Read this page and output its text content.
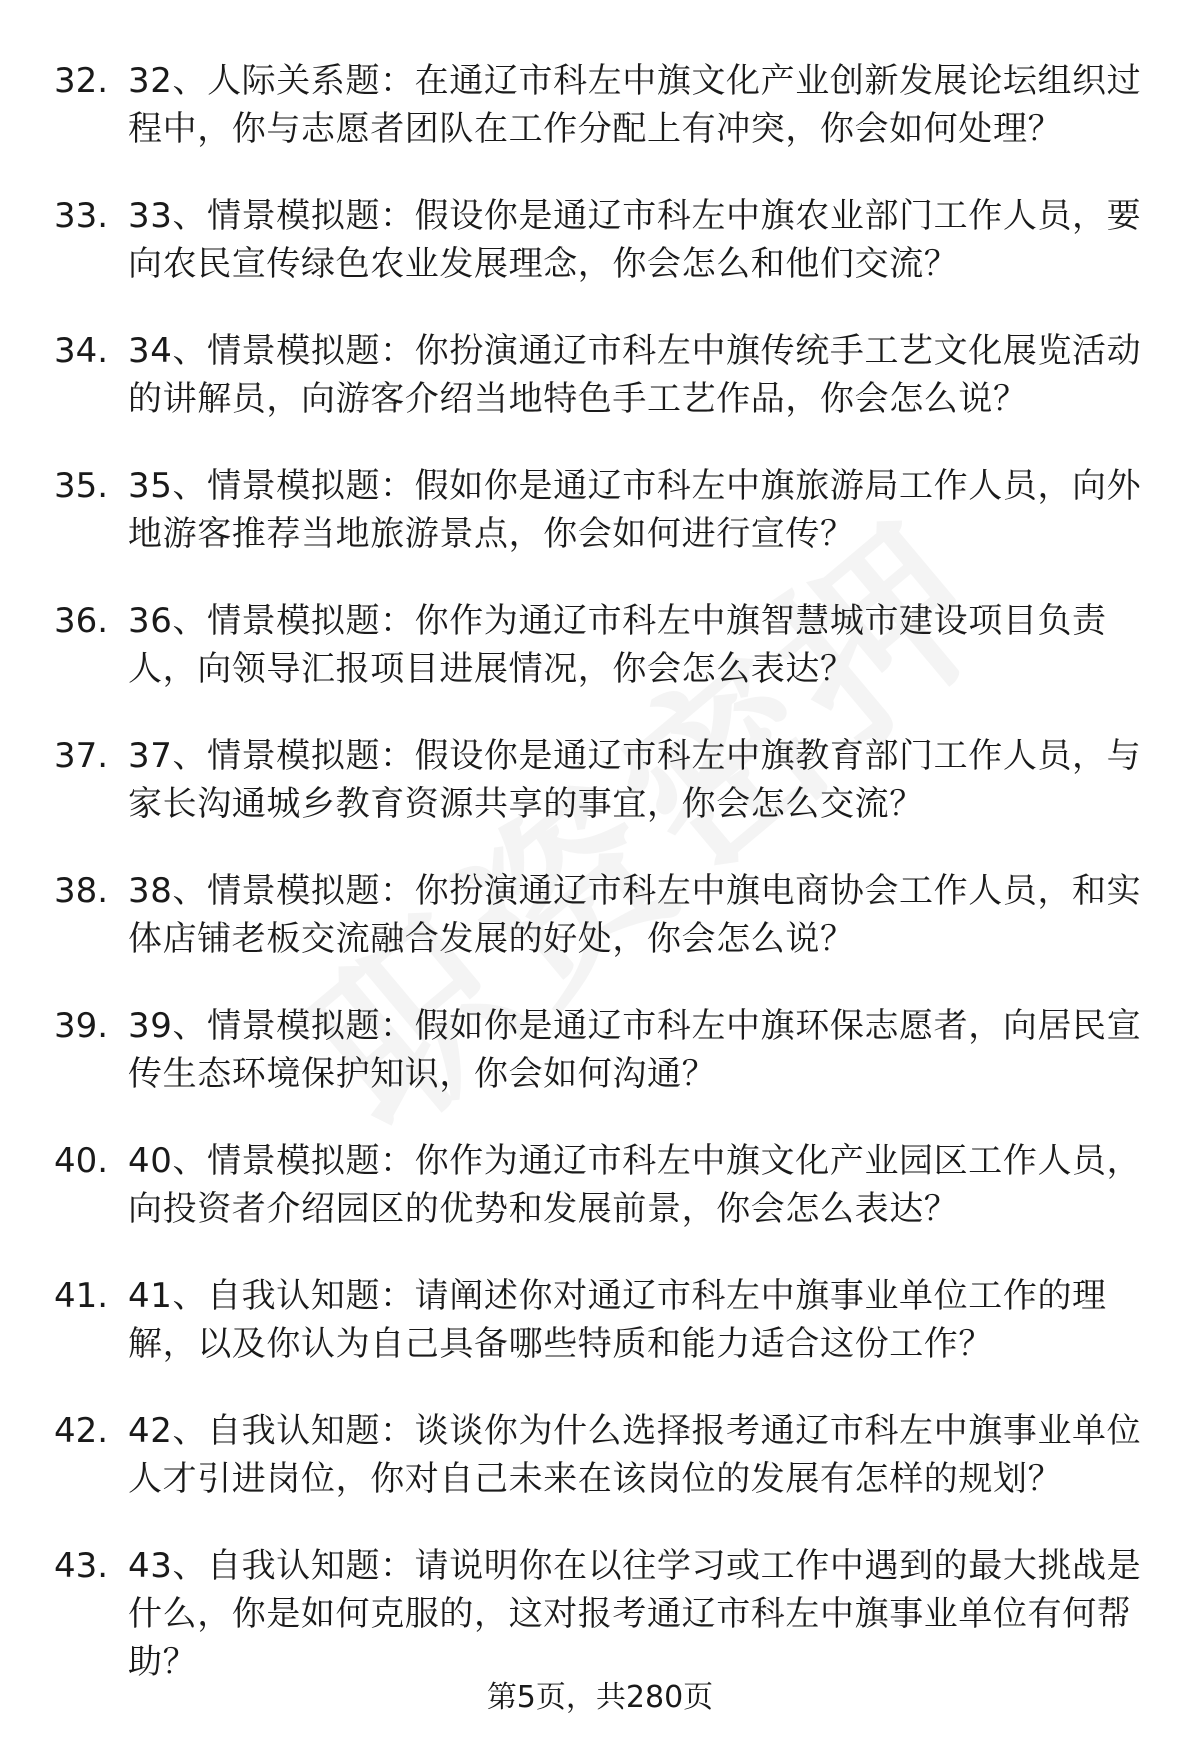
32. 32、人际关系题：在通辽市科左中旗文化产业创新发展论坛组织过程中，你与志愿者团队在工作分配上有冲突，你会如何处理？
33. 33、情景模拟题：假设你是通辽市科左中旗农业部门工作人员，要向农民宣传绿色农业发展理念，你会怎么和他们交流？
34. 34、情景模拟题：你扮演通辽市科左中旗传统手工艺文化展览活动的讲解员，向游客介绍当地特色手工艺作品，你会怎么说？
35. 35、情景模拟题：假如你是通辽市科左中旗旅游局工作人员，向外地游客推荐当地旅游景点，你会如何进行宣传？
36. 36、情景模拟题：你作为通辽市科左中旗智慧城市建设项目负责人，向领导汇报项目进展情况，你会怎么表达？
37. 37、情景模拟题：假设你是通辽市科左中旗教育部门工作人员，与家长沟通城乡教育资源共享的事宜，你会怎么交流？
38. 38、情景模拟题：你扮演通辽市科左中旗电商协会工作人员，和实体店铺老板交流融合发展的好处，你会怎么说？
39. 39、情景模拟题：假如你是通辽市科左中旗环保志愿者，向居民宣传生态环境保护知识，你会如何沟通？
40. 40、情景模拟题：你作为通辽市科左中旗文化产业园区工作人员，向投资者介绍园区的优势和发展前景，你会怎么表达？
41. 41、自我认知题：请阐述你对通辽市科左中旗事业单位工作的理解，以及你认为自己具备哪些特质和能力适合这份工作？
42. 42、自我认知题：谈谈你为什么选择报考通辽市科左中旗事业单位人才引进岗位，你对自己未来在该岗位的发展有怎样的规划？
43. 43、自我认知题：请说明你在以往学习或工作中遇到的最大挑战是什么，你是如何克服的，这对报考通辽市科左中旗事业单位有何帮助？
第5页，共280页
